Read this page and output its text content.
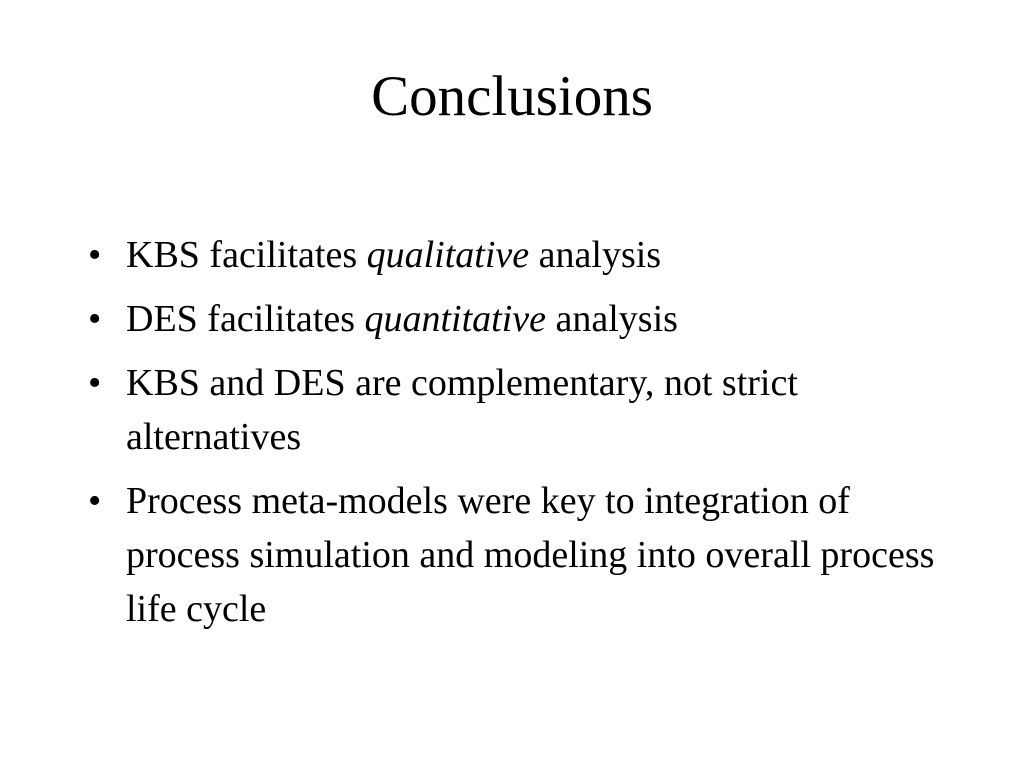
Conclusions
• KBS facilitates qualitative analysis
• DES facilitates quantitative analysis
• KBS and DES are complementary, not strict alternatives
• Process meta-models were key to integration of process simulation and modeling into overall process life cycle
